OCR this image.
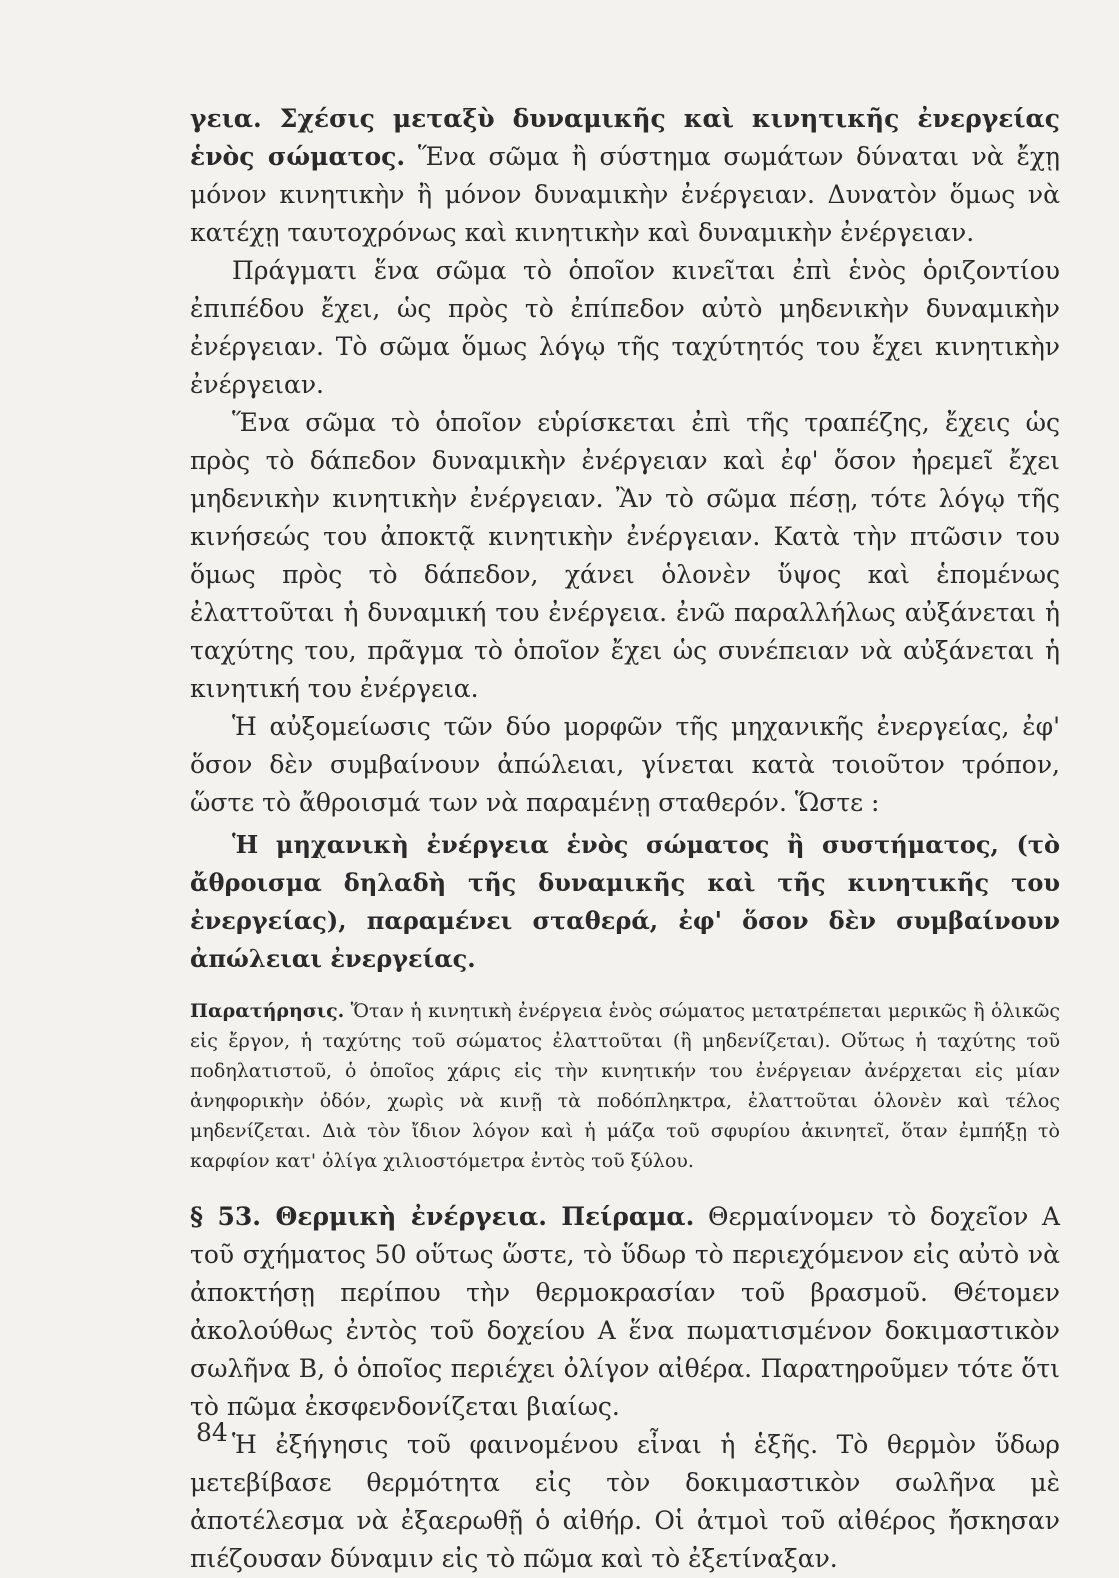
γεια. Σχέσις μεταξὺ δυναμικῆς καὶ κινητικῆς ἐνεργείας ἑνὸς σώματος. Ἕνα σῶμα ἢ σύστημα σωμάτων δύναται νὰ ἔχῃ μόνον κινητικὴν ἢ μόνον δυναμικὴν ἐνέργειαν. Δυνατὸν ὅμως νὰ κατέχῃ ταυτοχρόνως καὶ κινητικὴν καὶ δυναμικὴν ἐνέργειαν.

Πράγματι ἕνα σῶμα τὸ ὁποῖον κινεῖται ἐπὶ ἑνὸς ὁριζοντίου ἐπιπέδου ἔχει, ὡς πρὸς τὸ ἐπίπεδον αὐτὸ μηδενικὴν δυναμικὴν ἐνέργειαν. Τὸ σῶμα ὅμως λόγῳ τῆς ταχύτητός του ἔχει κινητικὴν ἐνέργειαν.

Ἕνα σῶμα τὸ ὁποῖον εὑρίσκεται ἐπὶ τῆς τραπέζης, ἔχεις ὡς πρὸς τὸ δάπεδον δυναμικὴν ἐνέργειαν καὶ ἐφ' ὅσον ἠρεμεῖ ἔχει μηδενικὴν κινητικὴν ἐνέργειαν. Ἂν τὸ σῶμα πέσῃ, τότε λόγῳ τῆς κινήσεώς του ἀποκτᾷ κινητικὴν ἐνέργειαν. Κατὰ τὴν πτῶσιν του ὅμως πρὸς τὸ δάπεδον, χάνει ὁλονὲν ὕψος καὶ ἑπομένως ἐλαττοῦται ἡ δυναμική του ἐνέργεια. ἐνῶ παραλλήλως αὐξάνεται ἡ ταχύτης του, πρᾶγμα τὸ ὁποῖον ἔχει ὡς συνέπειαν νὰ αὐξάνεται ἡ κινητική του ἐνέργεια.

Ἡ αὐξομείωσις τῶν δύο μορφῶν τῆς μηχανικῆς ἐνεργείας, ἐφ' ὅσον δὲν συμβαίνουν ἀπώλειαι, γίνεται κατὰ τοιοῦτον τρόπον, ὥστε τὸ ἄθροισμά των νὰ παραμένῃ σταθερόν. Ὥστε :

Ἡ μηχανικὴ ἐνέργεια ἑνὸς σώματος ἢ συστήματος, (τὸ ἄθροισμα δηλαδὴ τῆς δυναμικῆς καὶ τῆς κινητικῆς του ἐνεργείας), παραμένει σταθερά, ἐφ' ὅσον δὲν συμβαίνουν ἀπώλειαι ἐνεργείας.

Παρατήρησις. Ὅταν ἡ κινητικὴ ἐνέργεια ἑνὸς σώματος μετατρέπεται μερικῶς ἢ ὁλικῶς εἰς ἔργον, ἡ ταχύτης τοῦ σώματος ἐλαττοῦται (ἢ μηδενίζεται). Οὕτως ἡ ταχύτης τοῦ ποδηλατιστοῦ, ὁ ὁποῖος χάρις εἰς τὴν κινητικήν του ἐνέργειαν ἀνέρχεται εἰς μίαν ἀνηφορικὴν ὁδόν, χωρὶς νὰ κινῇ τὰ ποδόπληκτρα, ἐλαττοῦται ὁλονὲν καὶ τέλος μηδενίζεται. Διὰ τὸν ἴδιον λόγον καὶ ἡ μάζα τοῦ σφυρίου ἀκινητεῖ, ὅταν ἐμπήξῃ τὸ καρφίον κατ' ὀλίγα χιλιοστόμετρα ἐντὸς τοῦ ξύλου.

§ 53. Θερμικὴ ἐνέργεια. Πείραμα. Θερμαίνομεν τὸ δοχεῖον Α τοῦ σχήματος 50 οὕτως ὥστε, τὸ ὕδωρ τὸ περιεχόμενον εἰς αὐτὸ νὰ ἀποκτήσῃ περίπου τὴν θερμοκρασίαν τοῦ βρασμοῦ. Θέτομεν ἀκολούθως ἐντὸς τοῦ δοχείου Α ἕνα πωματισμένον δοκιμαστικὸν σωλῆνα Β, ὁ ὁποῖος περιέχει ὀλίγον αἰθέρα. Παρατηροῦμεν τότε ὅτι τὸ πῶμα ἐκσφενδονίζεται βιαίως.

Ἡ ἐξήγησις τοῦ φαινομένου εἶναι ἡ ἑξῆς. Τὸ θερμὸν ὕδωρ μετεβίβασε θερμότητα εἰς τὸν δοκιμαστικὸν σωλῆνα μὲ ἀποτέλεσμα νὰ ἐξαερωθῇ ὁ αἰθήρ. Οἱ ἀτμοὶ τοῦ αἰθέρος ἤσκησαν πιέζουσαν δύναμιν εἰς τὸ πῶμα καὶ τὸ ἐξετίναξαν.

84
